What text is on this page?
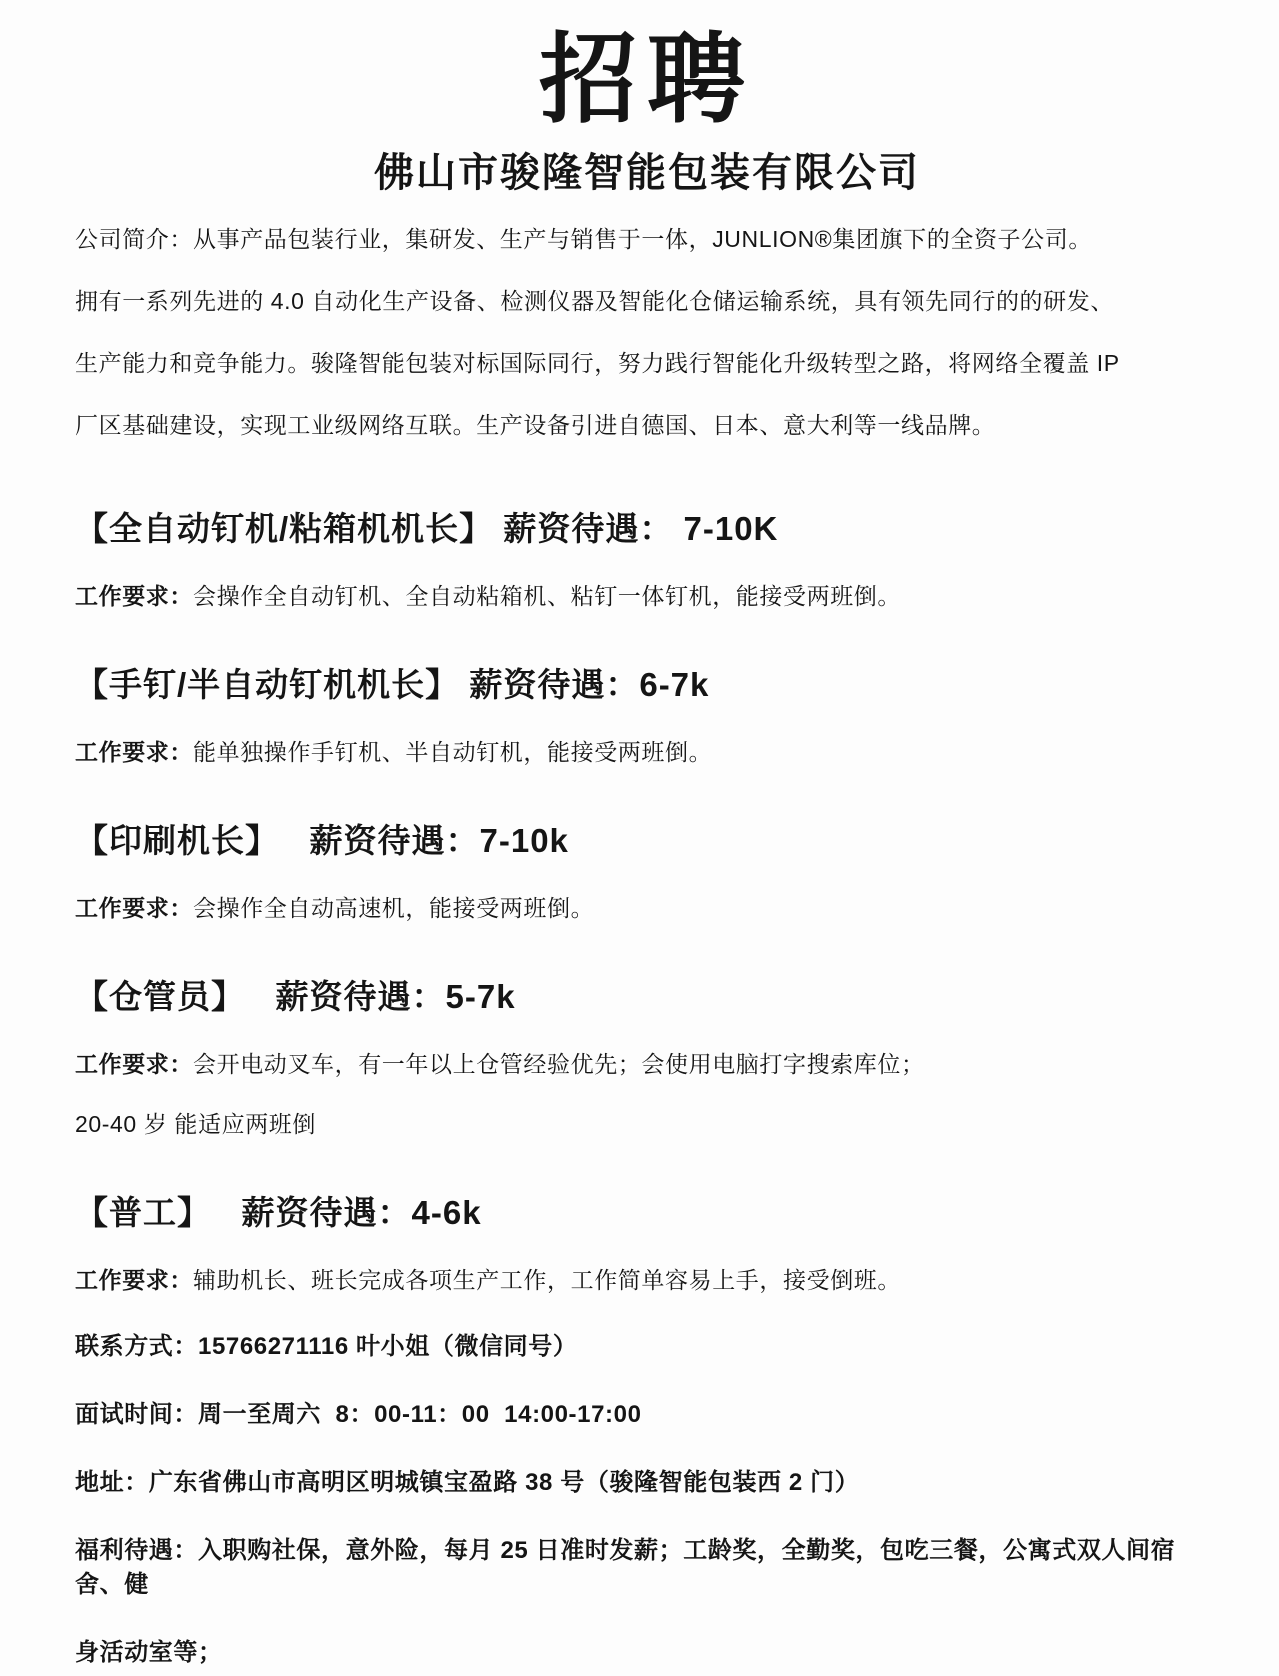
招聘
佛山市骏隆智能包装有限公司
公司简介：从事产品包装行业，集研发、生产与销售于一体，JUNLION®集团旗下的全资子公司。
拥有一系列先进的 4.0 自动化生产设备、检测仪器及智能化仓储运输系统，具有领先同行的的研发、
生产能力和竞争能力。骏隆智能包装对标国际同行，努力践行智能化升级转型之路，将网络全覆盖 IP
厂区基础建设，实现工业级网络互联。生产设备引进自德国、日本、意大利等一线品牌。
【全自动钉机/粘箱机机长】 薪资待遇： 7-10K
工作要求：会操作全自动钉机、全自动粘箱机、粘钉一体钉机，能接受两班倒。
【手钉/半自动钉机机长】 薪资待遇：6-7k
工作要求：能单独操作手钉机、半自动钉机，能接受两班倒。
【印刷机长】   薪资待遇：7-10k
工作要求：会操作全自动高速机，能接受两班倒。
【仓管员】   薪资待遇：5-7k
工作要求：会开电动叉车，有一年以上仓管经验优先；会使用电脑打字搜索库位；
20-40 岁 能适应两班倒
【普工】   薪资待遇：4-6k
工作要求：辅助机长、班长完成各项生产工作，工作简单容易上手，接受倒班。
联系方式：15766271116 叶小姐（微信同号）
面试时间：周一至周六  8：00-11：00  14:00-17:00
地址：广东省佛山市高明区明城镇宝盈路 38 号（骏隆智能包装西 2 门）
福利待遇：入职购社保，意外险，每月 25 日准时发薪；工龄奖，全勤奖，包吃三餐，公寓式双人间宿舍、健
身活动室等；
